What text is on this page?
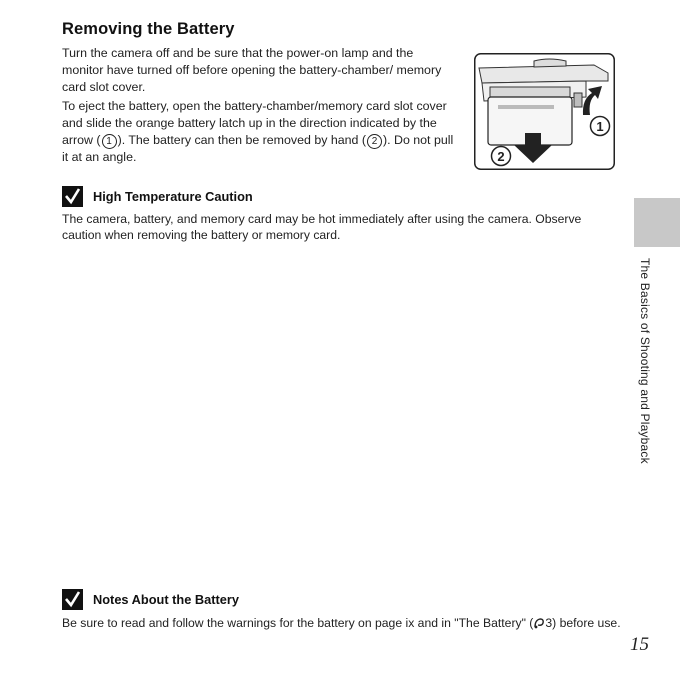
Removing the Battery
Turn the camera off and be sure that the power-on lamp and the monitor have turned off before opening the battery-chamber/ memory card slot cover.
To eject the battery, open the battery-chamber/memory card slot cover and slide the orange battery latch up in the direction indicated by the arrow ( 1 ). The battery can then be removed by hand ( 2 ). Do not pull it at an angle.
1
2
High Temperature Caution
The camera, battery, and memory card may be hot immediately after using the camera. Observe caution when removing the battery or memory card.
The Basics of Shooting and Playback
Notes About the Battery
Be sure to read and follow the warnings for the battery on page ix and in "The Battery" ( 3) before use.
15
